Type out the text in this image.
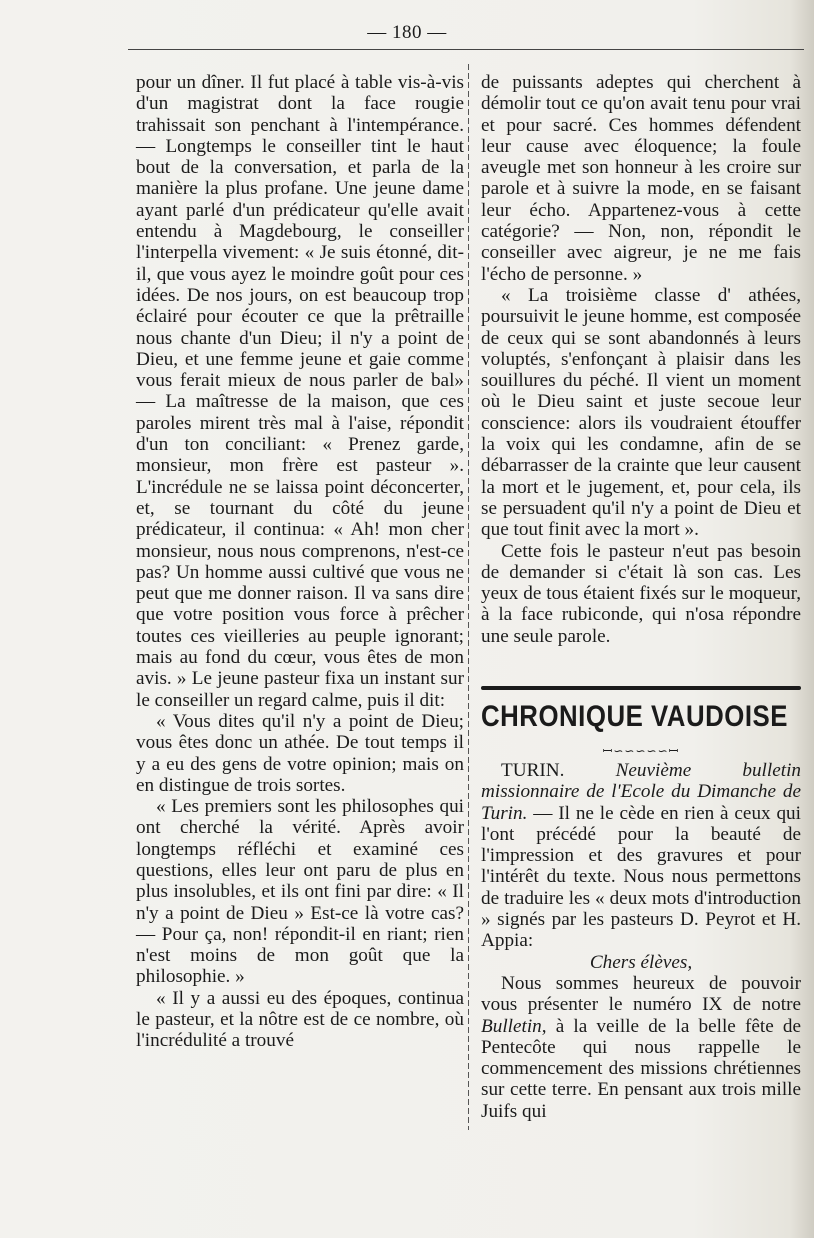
— 180 —

pour un dîner. Il fut placé à table vis-à-vis d'un magistrat dont la face rougie trahissait son penchant à l'intempérance. — Longtemps le conseiller tint le haut bout de la conversation, et parla de la manière la plus profane. Une jeune dame ayant parlé d'un prédicateur qu'elle avait entendu à Magdebourg, le conseiller l'interpella vivement: « Je suis étonné, dit-il, que vous ayez le moindre goût pour ces idées. De nos jours, on est beaucoup trop éclairé pour écouter ce que la prêtraille nous chante d'un Dieu; il n'y a point de Dieu, et une femme jeune et gaie comme vous ferait mieux de nous parler de bal» — La maîtresse de la maison, que ces paroles mirent très mal à l'aise, répondit d'un ton conciliant: « Prenez garde, monsieur, mon frère est pasteur ». L'incrédule ne se laissa point déconcerter, et, se tournant du côté du jeune prédicateur, il continua: « Ah! mon cher monsieur, nous nous comprenons, n'est-ce pas? Un homme aussi cultivé que vous ne peut que me donner raison. Il va sans dire que votre position vous force à prêcher toutes ces vieilleries au peuple ignorant; mais au fond du cœur, vous êtes de mon avis. » Le jeune pasteur fixa un instant sur le conseiller un regard calme, puis il dit:

« Vous dites qu'il n'y a point de Dieu; vous êtes donc un athée. De tout temps il y a eu des gens de votre opinion; mais on en distingue de trois sortes.

« Les premiers sont les philosophes qui ont cherché la vérité. Après avoir longtemps réfléchi et examiné ces questions, elles leur ont paru de plus en plus insolubles, et ils ont fini par dire: « Il n'y a point de Dieu » Est-ce là votre cas? — Pour ça, non! répondit-il en riant; rien n'est moins de mon goût que la philosophie. »

« Il y a aussi eu des époques, continua le pasteur, et la nôtre est de ce nombre, où l'incrédulité a trouvé

de puissants adeptes qui cherchent à démolir tout ce qu'on avait tenu pour vrai et pour sacré. Ces hommes défendent leur cause avec éloquence; la foule aveugle met son honneur à les croire sur parole et à suivre la mode, en se faisant leur écho. Appartenez-vous à cette catégorie? — Non, non, répondit le conseiller avec aigreur, je ne me fais l'écho de personne. »

« La troisième classe d' athées, poursuivit le jeune homme, est composée de ceux qui se sont abandonnés à leurs voluptés, s'enfonçant à plaisir dans les souillures du péché. Il vient un moment où le Dieu saint et juste secoue leur conscience: alors ils voudraient étouffer la voix qui les condamne, afin de se débarrasser de la crainte que leur causent la mort et le jugement, et, pour cela, ils se persuadent qu'il n'y a point de Dieu et que tout finit avec la mort ».

Cette fois le pasteur n'eut pas besoin de demander si c'était là son cas. Les yeux de tous étaient fixés sur le moqueur, à la face rubiconde, qui n'osa répondre une seule parole.

CHRONIQUE VAUDOISE
ꟷ∽∽∽∽∽ꟷ

TURIN.	Neuvième bulletin missionnaire de l'Ecole du Dimanche de Turin. — Il ne le cède en rien à ceux qui l'ont précédé pour la beauté de l'impression et des gravures et pour l'intérêt du texte. Nous nous permettons de traduire les « deux mots d'introduction » signés par les pasteurs D. Peyrot et H. Appia:

Chers élèves,

Nous sommes heureux de pouvoir vous présenter le numéro IX de notre Bulletin, à la veille de la belle fête de Pentecôte qui nous rappelle le commencement des missions chrétiennes sur cette terre. En pensant aux trois mille Juifs qui
